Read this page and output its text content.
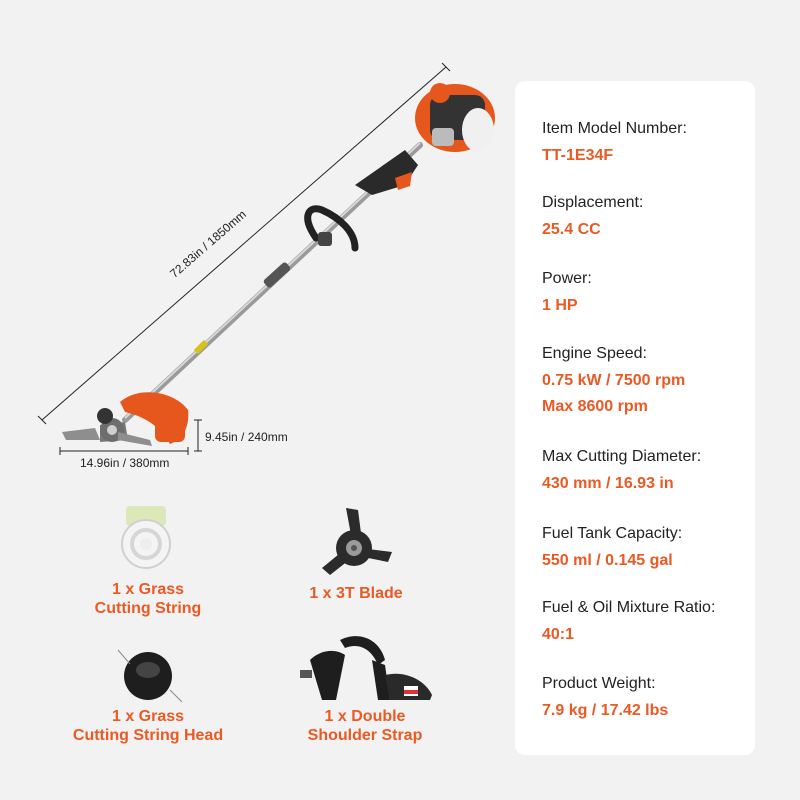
72.83in / 1850mm
9.45in / 240mm
14.96in / 380mm
1 x Grass
Cutting String
1 x 3T Blade
1 x Grass
Cutting String Head
1 x Double
Shoulder Strap
Item Model Number:
TT-1E34F
Displacement:
25.4 CC
Power:
1 HP
Engine Speed:
0.75 kW / 7500 rpm
Max 8600 rpm
Max Cutting Diameter:
430 mm / 16.93 in
Fuel Tank Capacity:
550 ml / 0.145 gal
Fuel & Oil Mixture Ratio:
40:1
Product Weight:
7.9 kg / 17.42 lbs
